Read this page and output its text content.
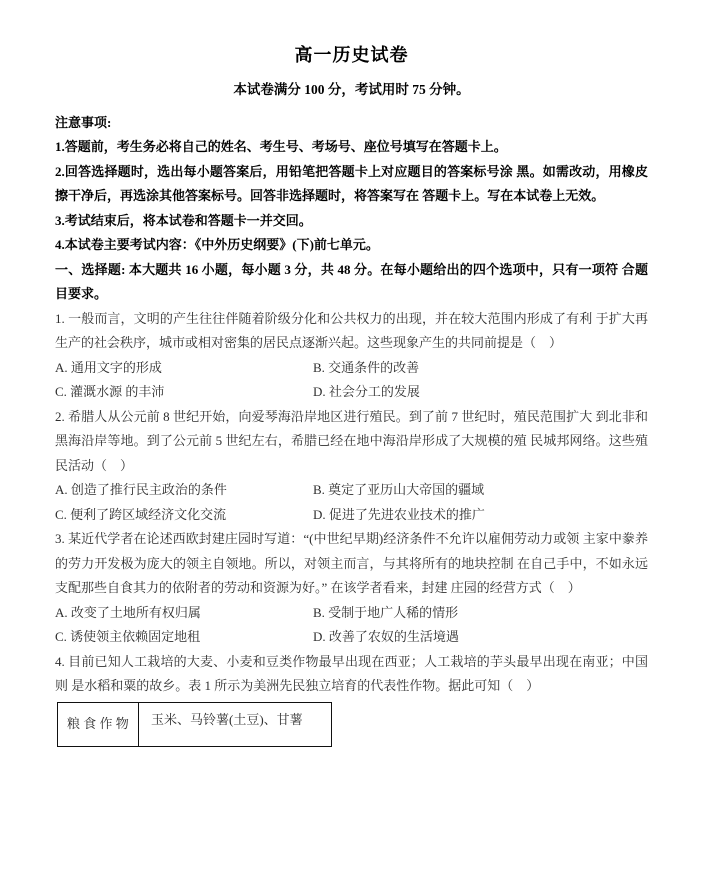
高一历史试卷

本试卷满分 100 分，考试用时 75 分钟。

注意事项:

1.答题前，考生务必将自己的姓名、考生号、考场号、座位号填写在答题卡上。

2.回答选择题时，选出每小题答案后，用铅笔把答题卡上对应题目的答案标号涂 黑。如需改动，用橡皮擦干净后，再选涂其他答案标号。回答非选择题时，将答案写在 答题卡上。写在本试卷上无效。

3.考试结束后，将本试卷和答题卡一并交回。

4.本试卷主要考试内容：《中外历史纲要》(下)前七单元。

一、选择题: 本大题共 16 小题，每小题 3 分，共 48 分。在每小题给出的四个选项中，只有一项符 合题目要求。

1. 一般而言，文明的产生往往伴随着阶级分化和公共权力的出现，并在较大范围内形成了有利 于扩大再生产的社会秩序，城市或相对密集的居民点逐渐兴起。这些现象产生的共同前提是（　）

A. 通用文字的形成	B. 交通条件的改善
C. 灌溉水源 的丰沛	D. 社会分工的发展

2. 希腊人从公元前 8 世纪开始，向爱琴海沿岸地区进行殖民。到了前 7 世纪时，殖民范围扩大 到北非和黑海沿岸等地。到了公元前 5 世纪左右，希腊已经在地中海沿岸形成了大规模的殖 民城邦网络。这些殖民活动（　）

A. 创造了推行民主政治的条件	B. 奠定了亚历山大帝国的疆域
C. 便利了跨区域经济文化交流	D. 促进了先进农业技术的推广

3. 某近代学者在论述西欧封建庄园时写道：“(中世纪早期)经济条件不允许以雇佣劳动力或领 主家中豢养的劳力开发极为庞大的领主自领地。所以，对领主而言，与其将所有的地块控制 在自己手中，不如永远支配那些自食其力的依附者的劳动和资源为好。” 在该学者看来，封建 庄园的经营方式（　）

A. 改变了土地所有权归属	B. 受制于地广人稀的情形
C. 诱使领主依赖固定地租	D. 改善了农奴的生活境遇

4. 目前已知人工栽培的大麦、小麦和豆类作物最早出现在西亚；人工栽培的芋头最早出现在南亚；中国则 是水稻和粟的故乡。表 1 所示为美洲先民独立培育的代表性作物。据此可知（　）

粮 食 作 物	玉米、马铃薯(土豆)、甘薯
